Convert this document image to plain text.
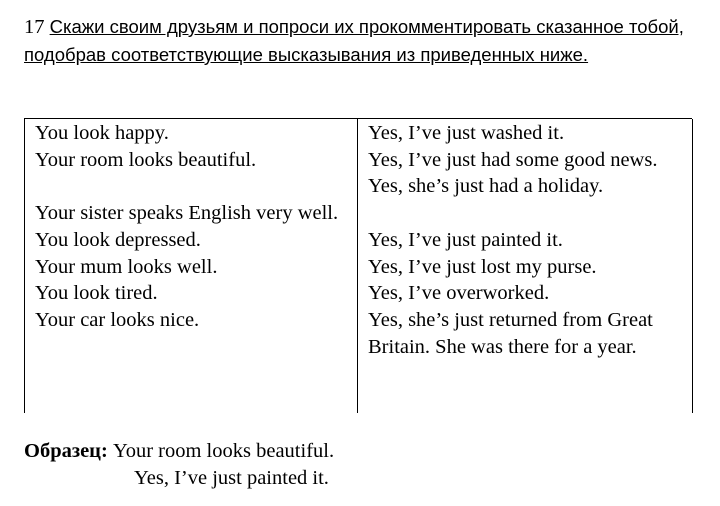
17 Скажи своим друзьям и попроси их прокомментировать сказанное тобой, подобрав соответствующие высказывания из приведенных ниже.
You look happy.
Your room looks beautiful.
Your sister speaks English very well.
You look depressed.
Your mum looks well.
You look tired.
Your car looks nice.
Yes, I’ve just washed it.
Yes, I’ve just had some good news.
Yes, she’s just had a holiday.
Yes, I’ve just painted it.
Yes, I’ve just lost my purse.
Yes, I’ve overworked.
Yes, she’s just returned from Great Britain. She was there for a year.
Образец: Your room looks beautiful.
Yes, I’ve just painted it.
